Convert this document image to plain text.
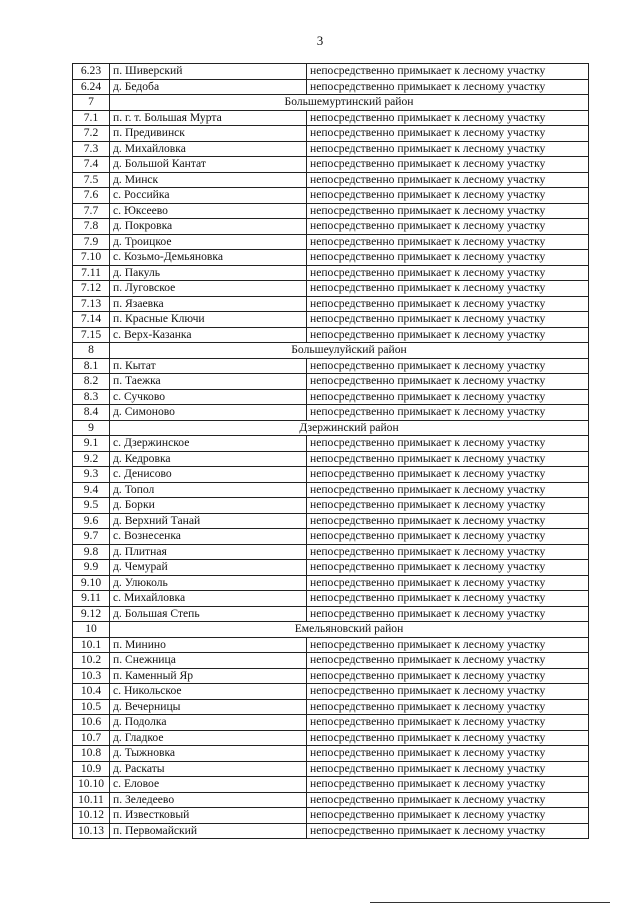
3
6.23	п. Шиверский	непосредственно примыкает к лесному участку
6.24	д. Бедоба	непосредственно примыкает к лесному участку
7	Большемуртинский район	
7.1	п. г. т. Большая Мурта	непосредственно примыкает к лесному участку
7.2	п. Предивинск	непосредственно примыкает к лесному участку
7.3	д. Михайловка	непосредственно примыкает к лесному участку
7.4	д. Большой Кантат	непосредственно примыкает к лесному участку
7.5	д. Минск	непосредственно примыкает к лесному участку
7.6	с. Российка	непосредственно примыкает к лесному участку
7.7	с. Юксеево	непосредственно примыкает к лесному участку
7.8	д. Покровка	непосредственно примыкает к лесному участку
7.9	д. Троицкое	непосредственно примыкает к лесному участку
7.10	с. Козьмо-Демьяновка	непосредственно примыкает к лесному участку
7.11	д. Пакуль	непосредственно примыкает к лесному участку
7.12	п. Луговское	непосредственно примыкает к лесному участку
7.13	п. Язаевка	непосредственно примыкает к лесному участку
7.14	п. Красные Ключи	непосредственно примыкает к лесному участку
7.15	с. Верх-Казанка	непосредственно примыкает к лесному участку
8	Большеулуйский район	
8.1	п. Кытат	непосредственно примыкает к лесному участку
8.2	п. Таежка	непосредственно примыкает к лесному участку
8.3	с. Сучково	непосредственно примыкает к лесному участку
8.4	д. Симоново	непосредственно примыкает к лесному участку
9	Дзержинский район	
9.1	с. Дзержинское	непосредственно примыкает к лесному участку
9.2	д. Кедровка	непосредственно примыкает к лесному участку
9.3	с. Денисово	непосредственно примыкает к лесному участку
9.4	д. Топол	непосредственно примыкает к лесному участку
9.5	д. Борки	непосредственно примыкает к лесному участку
9.6	д. Верхний Танай	непосредственно примыкает к лесному участку
9.7	с. Вознесенка	непосредственно примыкает к лесному участку
9.8	д. Плитная	непосредственно примыкает к лесному участку
9.9	д. Чемурай	непосредственно примыкает к лесному участку
9.10	д. Улюколь	непосредственно примыкает к лесному участку
9.11	с. Михайловка	непосредственно примыкает к лесному участку
9.12	д. Большая Степь	непосредственно примыкает к лесному участку
10	Емельяновский район	
10.1	п. Минино	непосредственно примыкает к лесному участку
10.2	п. Снежница	непосредственно примыкает к лесному участку
10.3	п. Каменный Яр	непосредственно примыкает к лесному участку
10.4	с. Никольское	непосредственно примыкает к лесному участку
10.5	д. Вечерницы	непосредственно примыкает к лесному участку
10.6	д. Подолка	непосредственно примыкает к лесному участку
10.7	д. Гладкое	непосредственно примыкает к лесному участку
10.8	д. Тыжновка	непосредственно примыкает к лесному участку
10.9	д. Раскаты	непосредственно примыкает к лесному участку
10.10	с. Еловое	непосредственно примыкает к лесному участку
10.11	п. Зеледеево	непосредственно примыкает к лесному участку
10.12	п. Известковый	непосредственно примыкает к лесному участку
10.13	п. Первомайский	непосредственно примыкает к лесному участку
